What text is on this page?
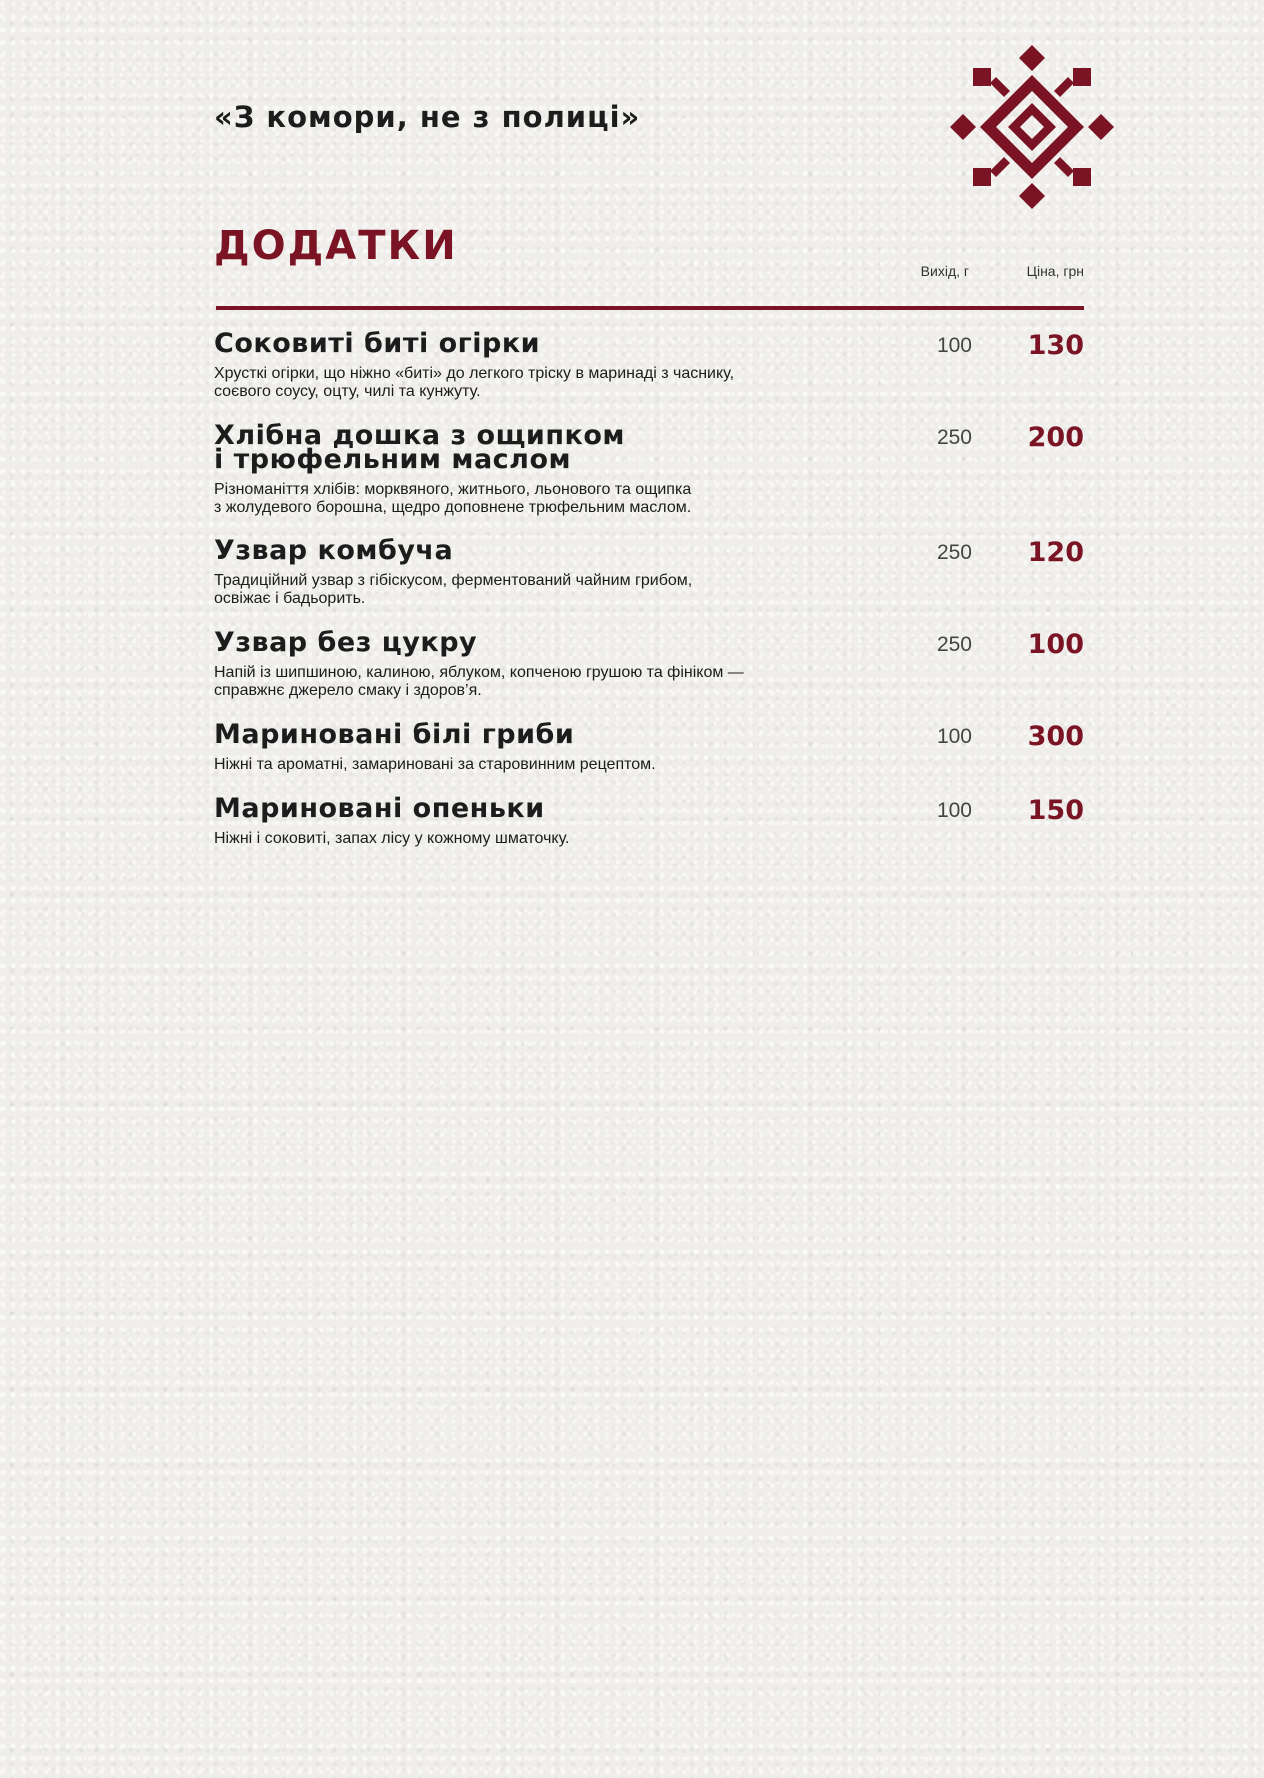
«З комори, не з полиці»
ДОДАТКИ
Вихід, г	Ціна, грн
Соковиті биті огірки
Хрусткі огірки, що ніжно «биті» до легкого тріску в маринаді з часнику,
соєвого соусу, оцту, чилі та кунжуту.
100 130
Хлібна дошка з ощипком
і трюфельним маслом
Різноманіття хлібів: морквяного, житнього, льонового та ощипка
з жолудевого борошна, щедро доповнене трюфельним маслом.
250 200
Узвар комбуча
Традиційний узвар з гібіскусом, ферментований чайним грибом,
освіжає і бадьорить.
250 120
Узвар без цукру
Напій із шипшиною, калиною, яблуком, копченою грушою та фініком —
справжнє джерело смаку і здоров’я.
250 100
Мариновані білі гриби
Ніжні та ароматні, замариновані за старовинним рецептом.
100 300
Мариновані опеньки
Ніжні і соковиті, запах лісу у кожному шматочку.
100 150
